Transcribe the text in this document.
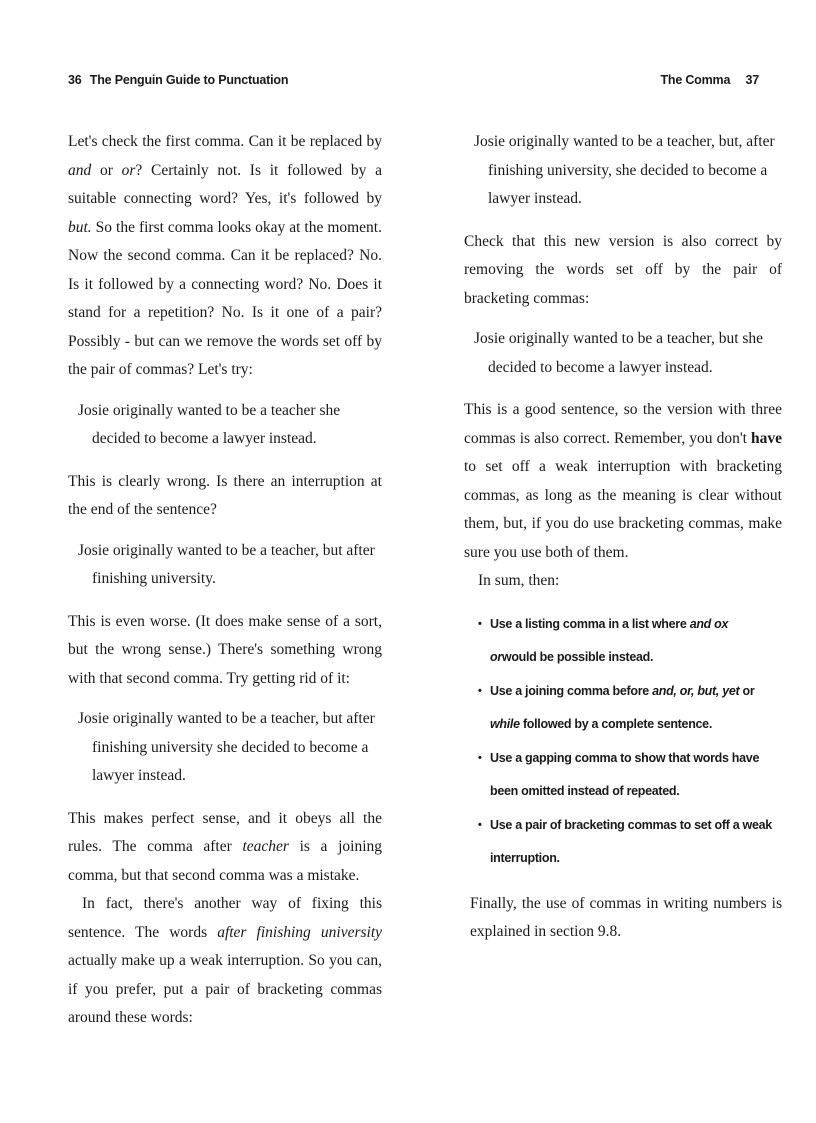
36 The Penguin Guide to Punctuation	The Comma 37

Let's check the first comma. Can it be replaced by and or or? Certainly not. Is it followed by a suitable connecting word? Yes, it's followed by but. So the first comma looks okay at the moment. Now the second comma. Can it be replaced? No. Is it followed by a connecting word? No. Does it stand for a repetition? No. Is it one of a pair? Possibly - but can we remove the words set off by the pair of commas? Let's try:

Josie originally wanted to be a teacher she decided to become a lawyer instead.

This is clearly wrong. Is there an interruption at the end of the sentence?

Josie originally wanted to be a teacher, but after finishing university.

This is even worse. (It does make sense of a sort, but the wrong sense.) There's something wrong with that second comma. Try getting rid of it:

Josie originally wanted to be a teacher, but after finishing university she decided to become a lawyer instead.

This makes perfect sense, and it obeys all the rules. The comma after teacher is a joining comma, but that second comma was a mistake.

In fact, there's another way of fixing this sentence. The words after finishing university actually make up a weak interruption. So you can, if you prefer, put a pair of bracketing commas around these words:

Josie originally wanted to be a teacher, but, after finishing university, she decided to become a lawyer instead.

Check that this new version is also correct by removing the words set off by the pair of bracketing commas:

Josie originally wanted to be a teacher, but she decided to become a lawyer instead.

This is a good sentence, so the version with three commas is also correct. Remember, you don't have to set off a weak interruption with bracketing commas, as long as the meaning is clear without them, but, if you do use bracketing commas, make sure you use both of them.

In sum, then:

• Use a listing comma in a list where and ox orwould be possible instead.
• Use a joining comma before and, or, but, yet or while followed by a complete sentence.
• Use a gapping comma to show that words have been omitted instead of repeated.
• Use a pair of bracketing commas to set off a weak interruption.

Finally, the use of commas in writing numbers is explained in section 9.8.
